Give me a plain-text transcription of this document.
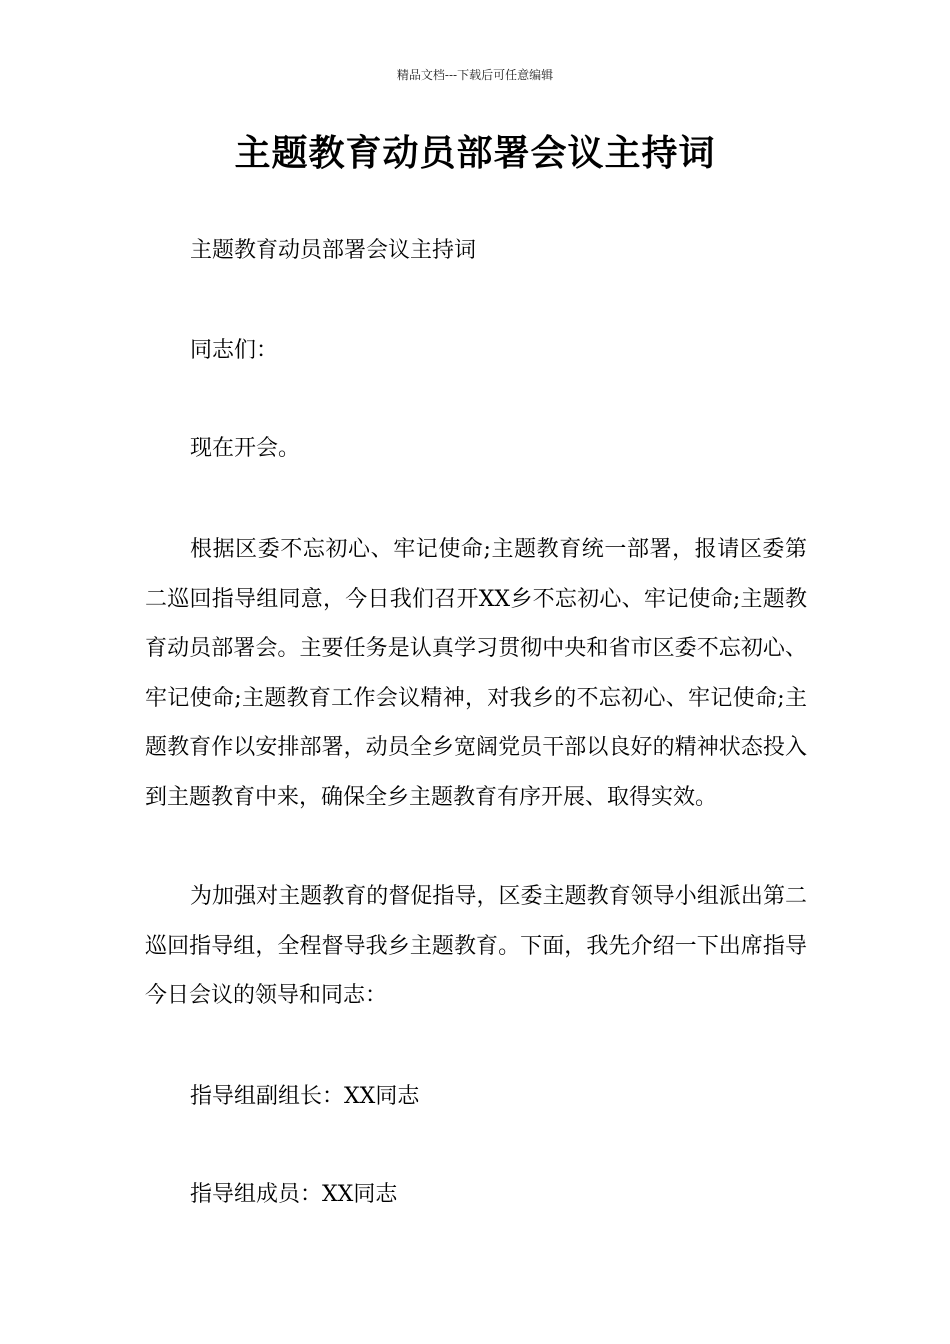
精品文档---下载后可任意编辑
主题教育动员部署会议主持词

主题教育动员部署会议主持词

同志们：

现在开会。

根据区委不忘初心、牢记使命;主题教育统一部署，报请区委第二巡回指导组同意，今日我们召开XX乡不忘初心、牢记使命;主题教育动员部署会。主要任务是认真学习贯彻中央和省市区委不忘初心、牢记使命;主题教育工作会议精神，对我乡的不忘初心、牢记使命;主题教育作以安排部署，动员全乡宽阔党员干部以良好的精神状态投入到主题教育中来，确保全乡主题教育有序开展、取得实效。

为加强对主题教育的督促指导，区委主题教育领导小组派出第二巡回指导组，全程督导我乡主题教育。下面，我先介绍一下出席指导今日会议的领导和同志：

指导组副组长：XX同志

指导组成员：XX同志
